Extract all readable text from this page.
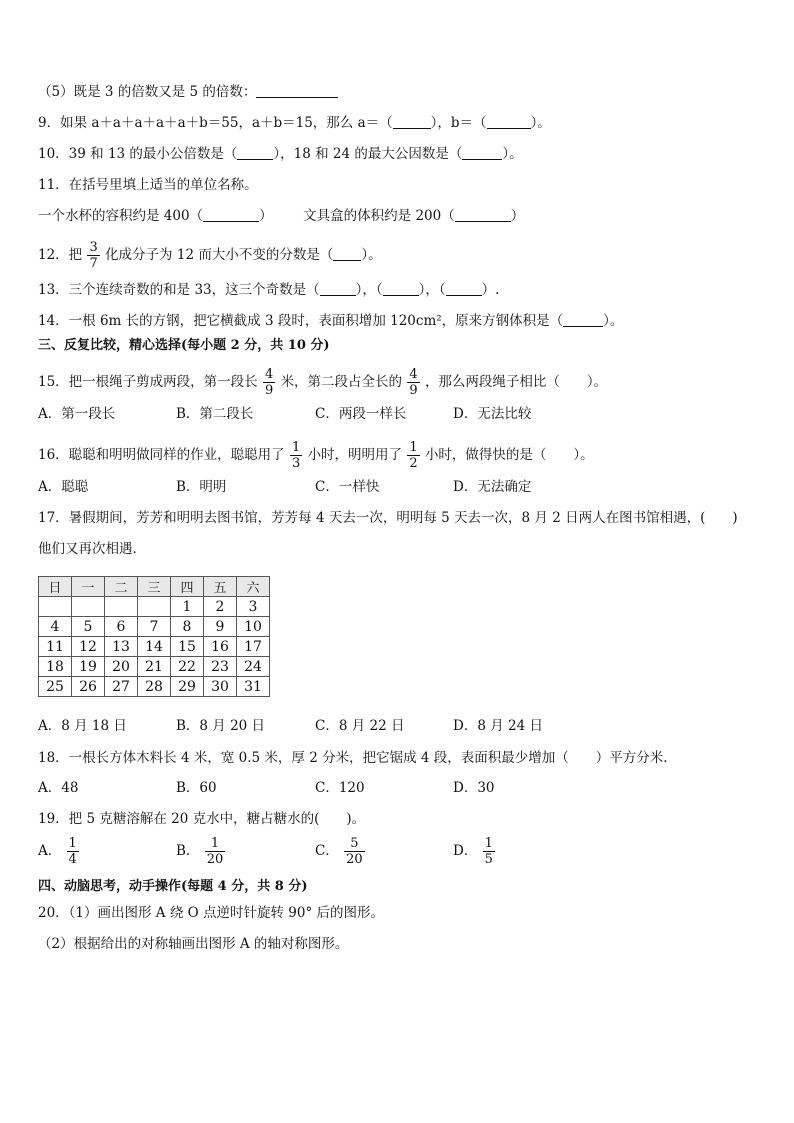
（5）既是 3 的倍数又是 5 的倍数：
9．如果 a＋a＋a＋a＋a＋b＝55，a＋b＝15，那么 a＝（	），b＝（	）。
10．39 和 13 的最小公倍数是（	），18 和 24 的最大公因数是（	）。
11．在括号里填上适当的单位名称。
一个水杯的容积约是 400（	） 文具盒的体积约是 200（	）
12．把 $\frac{3}{7}$ 化成分子为 12 而大小不变的分数是（ ）。
13．三个连续奇数的和是 33，这三个奇数是（	），（	），（	）.
14．一根 6m 长的方钢，把它横截成 3 段时，表面积增加 120cm²，原来方钢体积是（	）。
三、反复比较，精心选择(每小题 2 分，共 10 分)
15．把一根绳子剪成两段，第一段长 $\frac{4}{9}$ 米，第二段占全长的 $\frac{4}{9}$ ，那么两段绳子相比（　　）。
A．第一段长	B．第二段长	C．两段一样长	D．无法比较
16．聪聪和明明做同样的作业，聪聪用了 $\frac{1}{3}$ 小时，明明用了 $\frac{1}{2}$ 小时，做得快的是（　　）。
A．聪聪	B．明明	C．一样快	D．无法确定
17．暑假期间，芳芳和明明去图书馆，芳芳每 4 天去一次，明明每 5 天去一次，8 月 2 日两人在图书馆相遇，(　　)
他们又再次相遇．
日	一	二	三	四	五	六
				1	2	3
4	5	6	7	8	9	10
11	12	13	14	15	16	17
18	19	20	21	22	23	24
25	26	27	28	29	30	31
A．8 月 18 日	B．8 月 20 日	C．8 月 22 日	D．8 月 24 日
18．一根长方体木料长 4 米，宽 0.5 米，厚 2 分米，把它锯成 4 段，表面积最少增加（　　）平方分米.
A．48	B．60	C．120	D．30
19．把 5 克糖溶解在 20 克水中，糖占糖水的(　　)。
A． $\frac{1}{4}$	B． $\frac{1}{20}$	C． $\frac{5}{20}$	D． $\frac{1}{5}$
四、动脑思考，动手操作(每题 4 分，共 8 分)
20．（1）画出图形 A 绕 O 点逆时针旋转 90° 后的图形。
（2）根据给出的对称轴画出图形 A 的轴对称图形。
